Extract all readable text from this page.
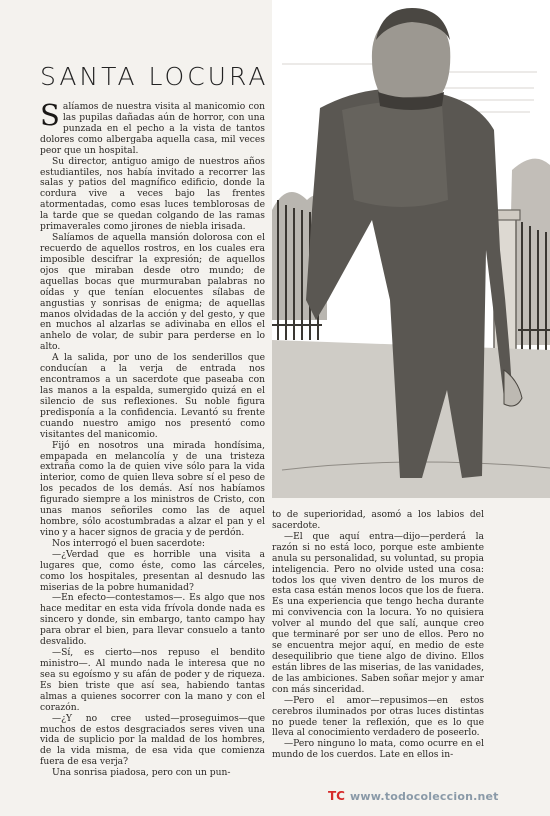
SANTA LOCURA

Salíamos de nuestra visita al manicomio con las pupilas dañadas aún de horror, con una punzada en el pecho a la vista de tantos dolores como albergaba aquella casa, mil veces peor que un hospital.

Su director, antiguo amigo de nuestros años estudiantiles, nos había invitado a recorrer las salas y patios del magnífico edificio, donde la cordura vive a veces bajo las frentes atormentadas, como esas luces temblorosas de la tarde que se quedan colgando de las ramas primaverales como jirones de niebla irisada.

Salíamos de aquella mansión dolorosa con el recuerdo de aquellos rostros, en los cuales era imposible descifrar la expresión; de aquellos ojos que miraban desde otro mundo; de aquellas bocas que murmuraban palabras no oídas y que tenían elocuentes sílabas de angustias y sonrisas de enigma; de aquellas manos olvidadas de la acción y del gesto, y que en muchos al alzarlas se adivinaba en ellos el anhelo de volar, de subir para perderse en lo alto.

A la salida, por uno de los senderillos que conducían a la verja de entrada nos encontramos a un sacerdote que paseaba con las manos a la espalda, sumergido quizá en el silencio de sus reflexiones. Su noble figura predisponía a la confidencia. Levantó su frente cuando nuestro amigo nos presentó como visitantes del manicomio.

Fijó en nosotros una mirada hondísima, empapada en melancolía y de una tristeza extraña como la de quien vive sólo para la vida interior, como de quien lleva sobre sí el peso de los pecados de los demás. Así nos habíamos figurado siempre a los ministros de Cristo, con unas manos señoriles como las de aquel hombre, sólo acostumbradas a alzar el pan y el vino y a hacer signos de gracia y de perdón.

Nos interrogó el buen sacerdote:

—¿Verdad que es horrible una visita a lugares que, como éste, como las cárceles, como los hospitales, presentan al desnudo las miserias de la pobre humanidad?

—En efecto—contestamos—. Es algo que nos hace meditar en esta vida frívola donde nada es sincero y donde, sin embargo, tanto campo hay para obrar el bien, para llevar consuelo a tanto desvalido.

—Sí, es cierto—nos repuso el bendito ministro—. Al mundo nada le interesa que no sea su egoísmo y su afán de poder y de riqueza. Es bien triste que así sea, habiendo tantas almas a quienes socorrer con la mano y con el corazón.

—¿Y no cree usted—proseguimos—que muchos de estos desgraciados seres viven una vida de suplicio por la maldad de los hombres, de la vida misma, de esa vida que comienza fuera de esa verja?

Una sonrisa piadosa, pero con un pun-

to de superioridad, asomó a los labios del sacerdote.

—El que aquí entra—dijo—perderá la razón si no está loco, porque este ambiente anula su personalidad, su voluntad, su propia inteligencia. Pero no olvide usted una cosa: todos los que viven dentro de los muros de esta casa están menos locos que los de fuera. Es una experiencia que tengo hecha durante mi convivencia con la locura. Yo no quisiera volver al mundo del que salí, aunque creo que terminaré por ser uno de ellos. Pero no se encuentra mejor aquí, en medio de este desequilibrio que tiene algo de divino. Ellos están libres de las miserias, de las vanidades, de las ambiciones. Saben soñar mejor y amar con más sinceridad.

—Pero el amor—repusimos—en estos cerebros iluminados por otras luces distintas no puede tener la reflexión, que es lo que lleva al conocimiento verdadero de poseerlo.

—Pero ninguno lo mata, como ocurre en el mundo de los cuerdos. Late en ellos in-

TC www.todocoleccion.net
